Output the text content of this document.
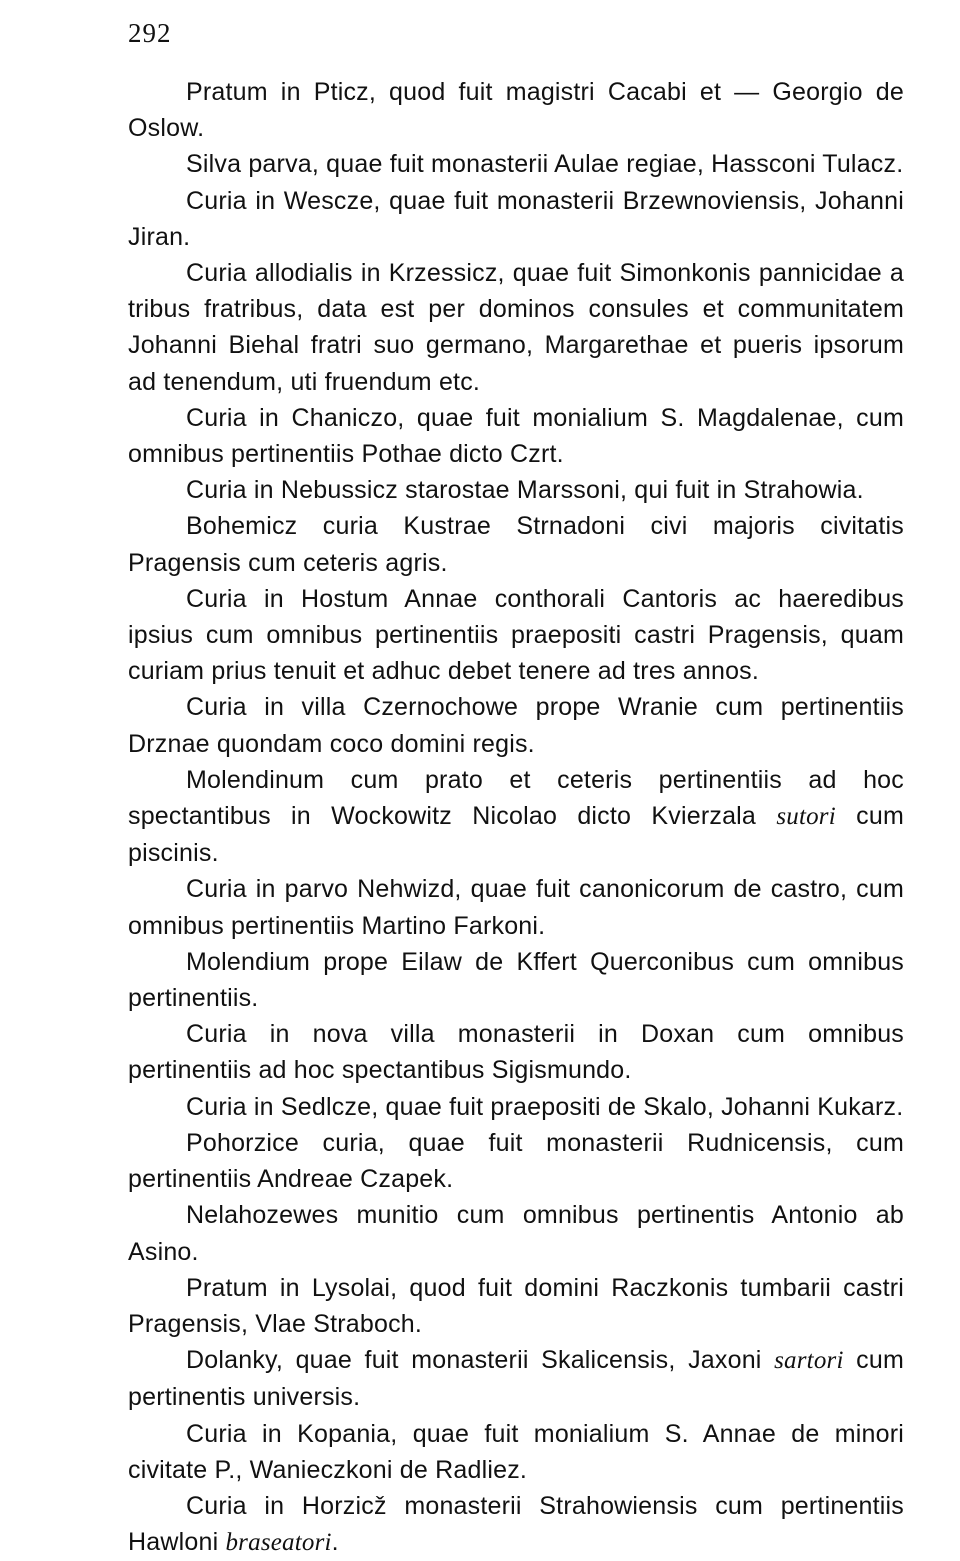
292

Pratum in Pticz, quod fuit magistri Cacabi et — Georgio de Oslow.

Silva parva, quae fuit monasterii Aulae regiae, Hassconi Tulacz.

Curia in Wescze, quae fuit monasterii Brzewnoviensis, Johanni Jiran.

Curia allodialis in Krzessicz, quae fuit Simonkonis pannicidae a tribus fratribus, data est per dominos consules et communitatem Johanni Biehal fratri suo germano, Margarethae et pueris ipsorum ad tenendum, uti fruendum etc.

Curia in Chaniczo, quae fuit monialium S. Magdalenae, cum omnibus pertinentiis Pothae dicto Czrt.

Curia in Nebussicz starostae Marssoni, qui fuit in Strahowia.

Bohemicz curia Kustrae Strnadoni civi majoris civitatis Pragensis cum ceteris agris.

Curia in Hostum Annae conthorali Cantoris ac haeredibus ipsius cum omnibus pertinentiis praepositi castri Pragensis, quam curiam prius tenuit et adhuc debet tenere ad tres annos.

Curia in villa Czernochowe prope Wranie cum pertinentiis Drznae quondam coco domini regis.

Molendinum cum prato et ceteris pertinentiis ad hoc spectantibus in Wockowitz Nicolao dicto Kvierzala sutori cum piscinis.

Curia in parvo Nehwizd, quae fuit canonicorum de castro, cum omnibus pertinentiis Martino Farkoni.

Molendium prope Eilaw de Kffert Querconibus cum omnibus pertinentiis.

Curia in nova villa monasterii in Doxan cum omnibus pertinentiis ad hoc spectantibus Sigismundo.

Curia in Sedlcze, quae fuit praepositi de Skalo, Johanni Kukarz.

Pohorzice curia, quae fuit monasterii Rudnicensis, cum pertinentiis Andreae Czapek.

Nelahozewes munitio cum omnibus pertinentis Antonio ab Asino.

Pratum in Lysolai, quod fuit domini Raczkonis tumbarii castri Pragensis, Vlae Straboch.

Dolanky, quae fuit monasterii Skalicensis, Jaxoni sartori cum pertinentis universis.

Curia in Kopania, quae fuit monialium S. Annae de minori civitate P., Wanieczkoni de Radliez.

Curia in Horzicž monasterii Strahowiensis cum pertinentiis Hawloni braseatori.
